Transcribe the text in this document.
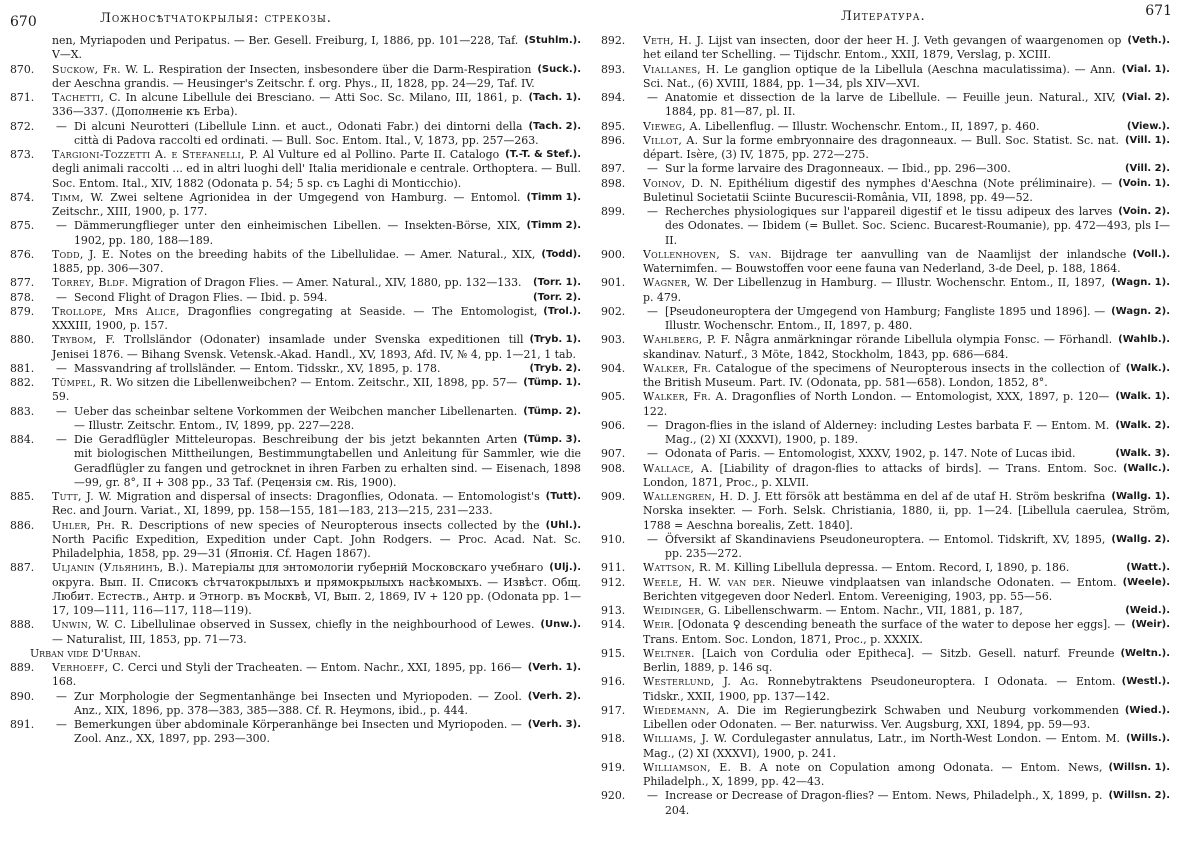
670	Ложносѣтчатокрылыя: стрекозы.
(Stuhlm.).
nen, Myriapoden und Peripatus. — Ber. Gesell. Freiburg, I, 1886, pp. 101—228, Taf. V—X.
870.	(Suck.).
Suckow, Fr. W. L. Respiration der Insecten, insbesondere über die Darm-Respiration der Aeschna grandis. — Heusinger's Zeitschr. f. org. Phys., II, 1828, pp. 24—29, Taf. IV.
871.	(Tach. 1).
Tachetti, C. In alcune Libellule dei Bresciano. — Atti Soc. Sc. Milano, III, 1861, p. 336—337. (Дополненіе къ Erba).
872.	(Tach. 2).
— Di alcuni Neurotteri (Libellule Linn. et auct., Odonati Fabr.) dei dintorni della città di Padova raccolti ed ordinati. — Bull. Soc. Entom. Ital., V, 1873, pp. 257—263.
873.	(T.-T. & Stef.).
Targioni-Tozzetti A. e Stefanelli, P. Al Vulture ed al Pollino. Parte II. Catalogo degli animali raccolti ... ed in altri luoghi dell' Italia meridionale e centrale. Orthoptera. — Bull. Soc. Entom. Ital., XIV, 1882 (Odonata p. 54; 5 sp. съ Laghi di Monticchio).
874.	(Timm 1).
Timm, W. Zwei seltene Agrionidea in der Umgegend von Hamburg. — Entomol. Zeitschr., XIII, 1900, p. 177.
875.	(Timm 2).
— Dämmerungflieger unter den einheimischen Libellen. — Insekten-Börse, XIX, 1902, pp. 180, 188—189.
876.	(Todd).
Todd, J. E. Notes on the breeding habits of the Libellulidae. — Amer. Natural., XIX, 1885, pp. 306—307.
877.	(Torr. 1).
Torrey, Bldf. Migration of Dragon Flies. — Amer. Natural., XIV, 1880, pp. 132—133.
878.	(Torr. 2).
— Second Flight of Dragon Flies. — Ibid. p. 594.
879.	(Trol.).
Trollope, Mrs Alice, Dragonflies congregating at Seaside. — The Entomologist, XXXIII, 1900, p. 157.
880.	(Tryb. 1).
Trybom, F. Trollsländor (Odonater) insamlade under Svenska expeditionen till Jenisei 1876. — Bihang Svensk. Vetensk.-Akad. Handl., XV, 1893, Afd. IV, № 4, pp. 1—21, 1 tab.
881.	(Tryb. 2).
— Massvandring af trollsländer. — Entom. Tidsskr., XV, 1895, p. 178.
882.	(Tümp. 1).
Tümpel, R. Wo sitzen die Libellenweibchen? — Entom. Zeitschr., XII, 1898, pp. 57—59.
883.	(Tümp. 2).
— Ueber das scheinbar seltene Vorkommen der Weibchen mancher Libellenarten. — Illustr. Zeitschr. Entom., IV, 1899, pp. 227—228.
884.	(Tümp. 3).
— Die Geradflügler Mitteleuropas. Beschreibung der bis jetzt bekannten Arten mit biologischen Mittheilungen, Bestimmungtabellen und Anleitung für Sammler, wie die Geradflügler zu fangen und getrocknet in ihren Farben zu erhalten sind. — Eisenach, 1898—99, gr. 8°, II + 308 pp., 33 Taf. (Рецензія см. Ris, 1900).
885.	(Tutt).
Tutt, J. W. Migration and dispersal of insects: Dragonflies, Odonata. — Entomologist's Rec. and Journ. Variat., XI, 1899, pp. 158—155, 181—183, 213—215, 231—233.
886.	(Uhl.).
Uhler, Ph. R. Descriptions of new species of Neuropterous insects collected by the North Pacific Expedition, Expedition under Capt. John Rodgers. — Proc. Acad. Nat. Sc. Philadelphia, 1858, pp. 29—31 (Японія. Cf. Hagen 1867).
887.	(Ulj.).
Uljanin (Ульянинъ, В.). Матеріалы для энтомологіи губерній Московскаго учебнаго округа. Вып. II. Списокъ сѣтчатокрылыхъ и прямокрылыхъ насѣкомыхъ. — Извѣст. Общ. Любит. Естеств., Антр. и Этногр. въ Москвѣ, VI, Вып. 2, 1869, IV + 120 pp. (Odonata pp. 1—17, 109—111, 116—117, 118—119).
888.	(Unw.).
Unwin, W. C. Libellulinae observed in Sussex, chiefly in the neighbourhood of Lewes. — Naturalist, III, 1853, pp. 71—73.
Urban vide D'Urban.
889.	(Verh. 1).
Verhoeff, C. Cerci und Styli der Tracheaten. — Entom. Nachr., XXI, 1895, pp. 166—168.
890.	(Verh. 2).
— Zur Morphologie der Segmentanhänge bei Insecten und Myriopoden. — Zool. Anz., XIX, 1896, pp. 378—383, 385—388. Cf. R. Heymons, ibid., p. 444.
891.	(Verh. 3).
— Bemerkungen über abdominale Körperanhänge bei Insecten und Myriopoden. — Zool. Anz., XX, 1897, pp. 293—300.
Литература.	671
892.	(Veth.).
Veth, H. J. Lijst van insecten, door der heer H. J. Veth gevangen of waargenomen op het eiland ter Schelling. — Tijdschr. Entom., XXII, 1879, Verslag, p. XCIII.
893.	(Vial. 1).
Viallanes, H. Le ganglion optique de la Libellula (Aeschna maculatissima). — Ann. Sci. Nat., (6) XVIII, 1884, pp. 1—34, pls XIV—XVI.
894.	(Vial. 2).
— Anatomie et dissection de la larve de Libellule. — Feuille jeun. Natural., XIV, 1884, pp. 81—87, pl. II.
895.	(View.).
Vieweg, A. Libellenflug. — Illustr. Wochenschr. Entom., II, 1897, p. 460.
896.	(Vill. 1).
Villot, A. Sur la forme embryonnaire des dragonneaux. — Bull. Soc. Statist. Sc. nat. départ. Isère, (3) IV, 1875, pp. 272—275.
897.	(Vill. 2).
— Sur la forme larvaire des Dragonneaux. — Ibid., pp. 296—300.
898.	(Voin. 1).
Voinov, D. N. Epithélium digestif des nymphes d'Aeschna (Note préliminaire). — Buletinul Societatii Sciinte Bucurescii-România, VII, 1898, pp. 49—52.
899.	(Voin. 2).
— Recherches physiologiques sur l'appareil digestif et le tissu adipeux des larves des Odonates. — Ibidem (= Bullet. Soc. Scienc. Bucarest-Roumanie), pp. 472—493, pls I—II.
900.	(Voll.).
Vollenhoven, S. van. Bijdrage ter aanvulling van de Naamlijst der inlandsche Waternimfen. — Bouwstoffen voor eene fauna van Nederland, 3-de Deel, p. 188, 1864.
901.	(Wagn. 1).
Wagner, W. Der Libellenzug in Hamburg. — Illustr. Wochenschr. Entom., II, 1897, p. 479.
902.	(Wagn. 2).
— [Pseudoneuroptera der Umgegend von Hamburg; Fangliste 1895 und 1896]. — Illustr. Wochenschr. Entom., II, 1897, p. 480.
903.	(Wahlb.).
Wahlberg, P. F. Några anmärkningar rörande Libellula olympia Fonsc. — Förhandl. skandinav. Naturf., 3 Möte, 1842, Stockholm, 1843, pp. 686—684.
904.	(Walk.).
Walker, Fr. Catalogue of the specimens of Neuropterous insects in the collection of the British Museum. Part. IV. (Odonata, pp. 581—658). London, 1852, 8°.
905.	(Walk. 1).
Walker, Fr. A. Dragonflies of North London. — Entomologist, XXX, 1897, p. 120—122.
906.	(Walk. 2).
— Dragon-flies in the island of Alderney: including Lestes barbata F. — Entom. M. Mag., (2) XI (XXXVI), 1900, p. 189.
907.	(Walk. 3).
— Odonata of Paris. — Entomologist, XXXV, 1902, p. 147. Note of Lucas ibid.
908.	(Wallc.).
Wallace, A. [Liability of dragon-flies to attacks of birds]. — Trans. Entom. Soc. London, 1871, Proc., p. XLVII.
909.	(Wallg. 1).
Wallengren, H. D. J. Ett försök att bestämma en del af de utaf H. Ström beskrifna Norska insekter. — Forh. Selsk. Christiania, 1880, ii, pp. 1—24. [Libellula caerulea, Ström, 1788 = Aeschna borealis, Zett. 1840].
910.	(Wallg. 2).
— Öfversikt af Skandinaviens Pseudoneuroptera. — Entomol. Tidskrift, XV, 1895, pp. 235—272.
911.	(Watt.).
Wattson, R. M. Killing Libellula depressa. — Entom. Record, I, 1890, p. 186.
912.	(Weele).
Weele, H. W. van der. Nieuwe vindplaatsen van inlandsche Odonaten. — Entom. Berichten vitgegeven door Nederl. Entom. Vereeniging, 1903, pp. 55—56.
913.	(Weid.).
Weidinger, G. Libellenschwarm. — Entom. Nachr., VII, 1881, p. 187,
914.	(Weir).
Weir. [Odonata ♀ descending beneath the surface of the water to depose her eggs]. — Trans. Entom. Soc. London, 1871, Proc., p. XXXIX.
915.	(Weltn.).
Weltner. [Laich von Cordulia oder Epitheca]. — Sitzb. Gesell. naturf. Freunde Berlin, 1889, p. 146 sq.
916.	(Westl.).
Westerlund, J. Ag. Ronnebytraktens Pseudoneuroptera. I Odonata. — Entom. Tidskr., XXII, 1900, pp. 137—142.
917.	(Wied.).
Wiedemann, A. Die im Regierungbezirk Schwaben und Neuburg vorkommenden Libellen oder Odonaten. — Ber. naturwiss. Ver. Augsburg, XXI, 1894, pp. 59—93.
918.	(Wills.).
Williams, J. W. Cordulegaster annulatus, Latr., im North-West London. — Entom. M. Mag., (2) XI (XXXVI), 1900, p. 241.
919.	(Willsn. 1).
Williamson, E. B. A note on Copulation among Odonata. — Entom. News, Philadelph., X, 1899, pp. 42—43.
920.	(Willsn. 2).
— Increase or Decrease of Dragon-flies? — Entom. News, Philadelph., X, 1899, p. 204.
